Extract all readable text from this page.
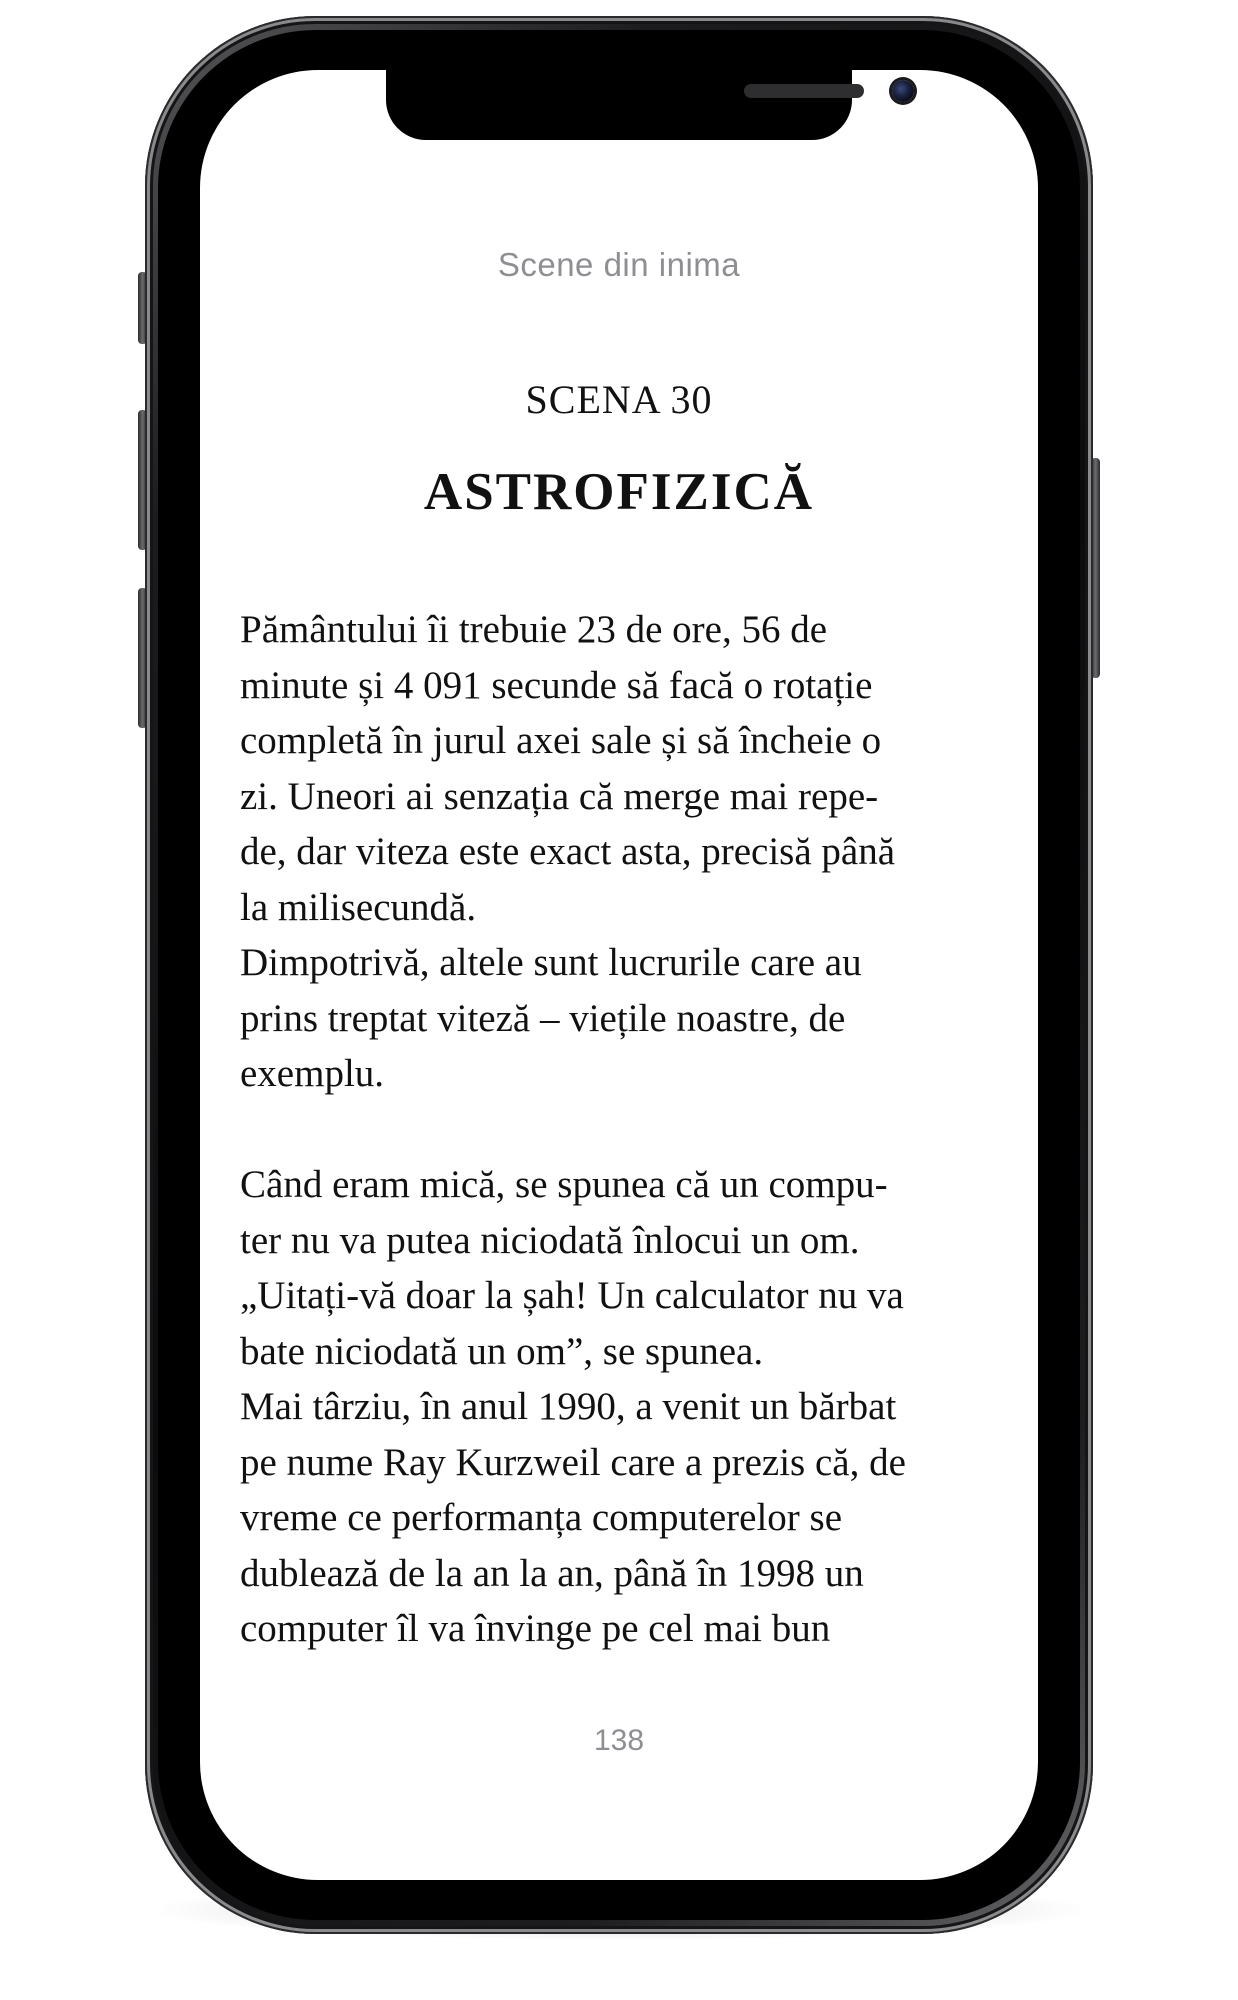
Scene din inima
SCENA 30
ASTROFIZICĂ
Pământului îi trebuie 23 de ore, 56 de
minute și 4 091 secunde să facă o rotație
completă în jurul axei sale și să încheie o
zi. Uneori ai senzația că merge mai repe-
de, dar viteza este exact asta, precisă până
la milisecundă.
Dimpotrivă, altele sunt lucrurile care au
prins treptat viteză – viețile noastre, de
exemplu.
Când eram mică, se spunea că un compu-
ter nu va putea niciodată înlocui un om.
„Uitați-vă doar la șah! Un calculator nu va
bate niciodată un om”, se spunea.
Mai târziu, în anul 1990, a venit un bărbat
pe nume Ray Kurzweil care a prezis că, de
vreme ce performanța computerelor se
dublează de la an la an, până în 1998 un
computer îl va învinge pe cel mai bun
138
